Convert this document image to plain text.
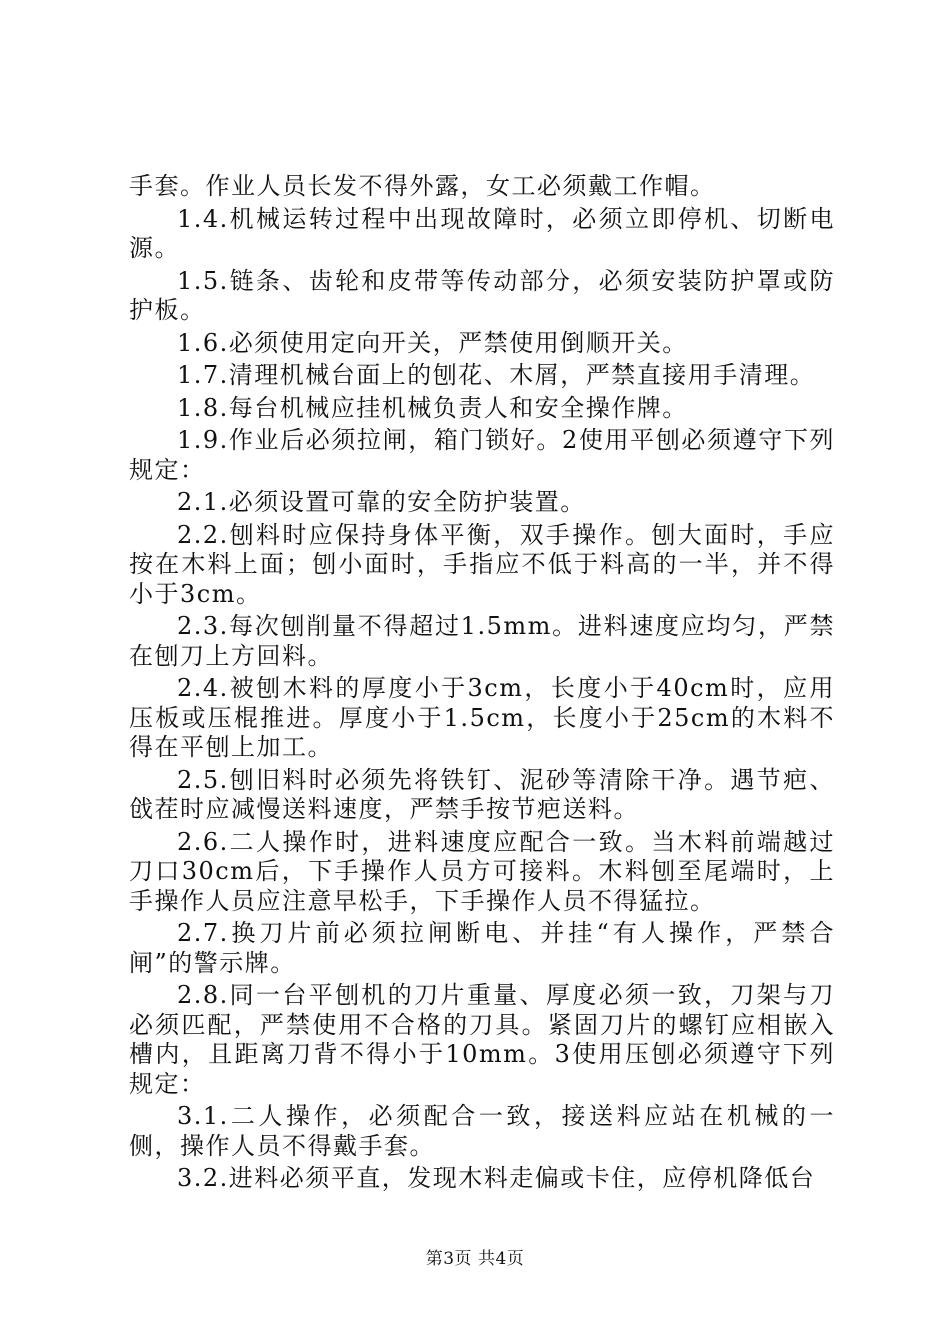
手套。作业人员长发不得外露，女工必须戴工作帽。

1.4.机械运转过程中出现故障时，必须立即停机、切断电源。

1.5.链条、齿轮和皮带等传动部分，必须安装防护罩或防护板。

1.6.必须使用定向开关，严禁使用倒顺开关。

1.7.清理机械台面上的刨花、木屑，严禁直接用手清理。

1.8.每台机械应挂机械负责人和安全操作牌。

1.9.作业后必须拉闸，箱门锁好。2使用平刨必须遵守下列规定：

2.1.必须设置可靠的安全防护装置。

2.2.刨料时应保持身体平衡，双手操作。刨大面时，手应按在木料上面；刨小面时，手指应不低于料高的一半，并不得小于3cm。

2.3.每次刨削量不得超过1.5mm。进料速度应均匀，严禁在刨刀上方回料。

2.4.被刨木料的厚度小于3cm，长度小于40cm时，应用压板或压棍推进。厚度小于1.5cm，长度小于25cm的木料不得在平刨上加工。

2.5.刨旧料时必须先将铁钉、泥砂等清除干净。遇节疤、戗茬时应减慢送料速度，严禁手按节疤送料。

2.6.二人操作时，进料速度应配合一致。当木料前端越过刀口30cm后，下手操作人员方可接料。木料刨至尾端时，上手操作人员应注意早松手，下手操作人员不得猛拉。

2.7.换刀片前必须拉闸断电、并挂“有人操作，严禁合闸”的警示牌。

2.8.同一台平刨机的刀片重量、厚度必须一致，刀架与刀必须匹配，严禁使用不合格的刀具。紧固刀片的螺钉应相嵌入槽内，且距离刀背不得小于10mm。3使用压刨必须遵守下列规定：

3.1.二人操作，必须配合一致，接送料应站在机械的一侧，操作人员不得戴手套。

3.2.进料必须平直，发现木料走偏或卡住，应停机降低台

第3页 共4页
